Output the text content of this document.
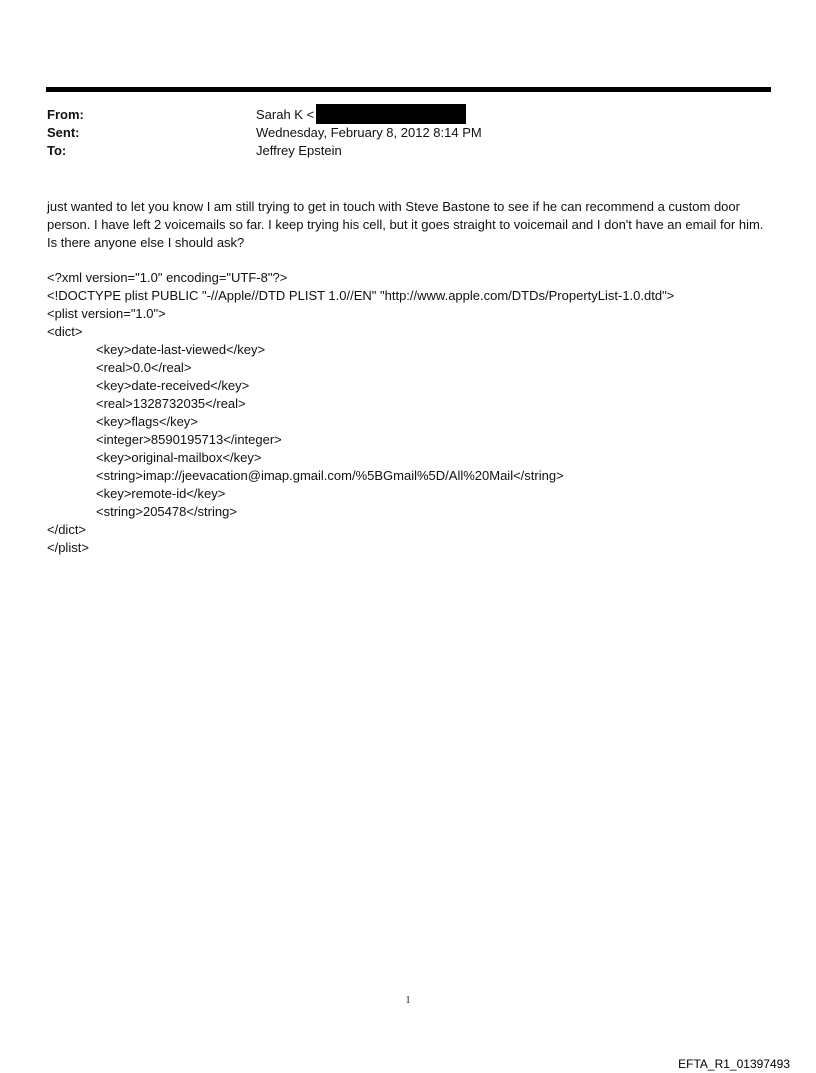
From:	Sarah K <
Sent:	Wednesday, February 8, 2012 8:14 PM
To:	Jeffrey Epstein
just wanted to let you know I am still trying to get in touch with Steve Bastone to see if he can recommend a custom door person. I have left 2 voicemails so far. I keep trying his cell, but it goes straight to voicemail and I don't have an email for him. Is there anyone else I should ask?
<?xml version="1.0" encoding="UTF-8"?>
<!DOCTYPE plist PUBLIC "-//Apple//DTD PLIST 1.0//EN" "http://www.apple.com/DTDs/PropertyList-1.0.dtd">
<plist version="1.0">
<dict>
<key>date-last-viewed</key>
<real>0.0</real>
<key>date-received</key>
<real>1328732035</real>
<key>flags</key>
<integer>8590195713</integer>
<key>original-mailbox</key>
<string>imap://jeevacation@imap.gmail.com/%5BGmail%5D/All%20Mail</string>
<key>remote-id</key>
<string>205478</string>
</dict>
</plist>
1
EFTA_R1_01397493
